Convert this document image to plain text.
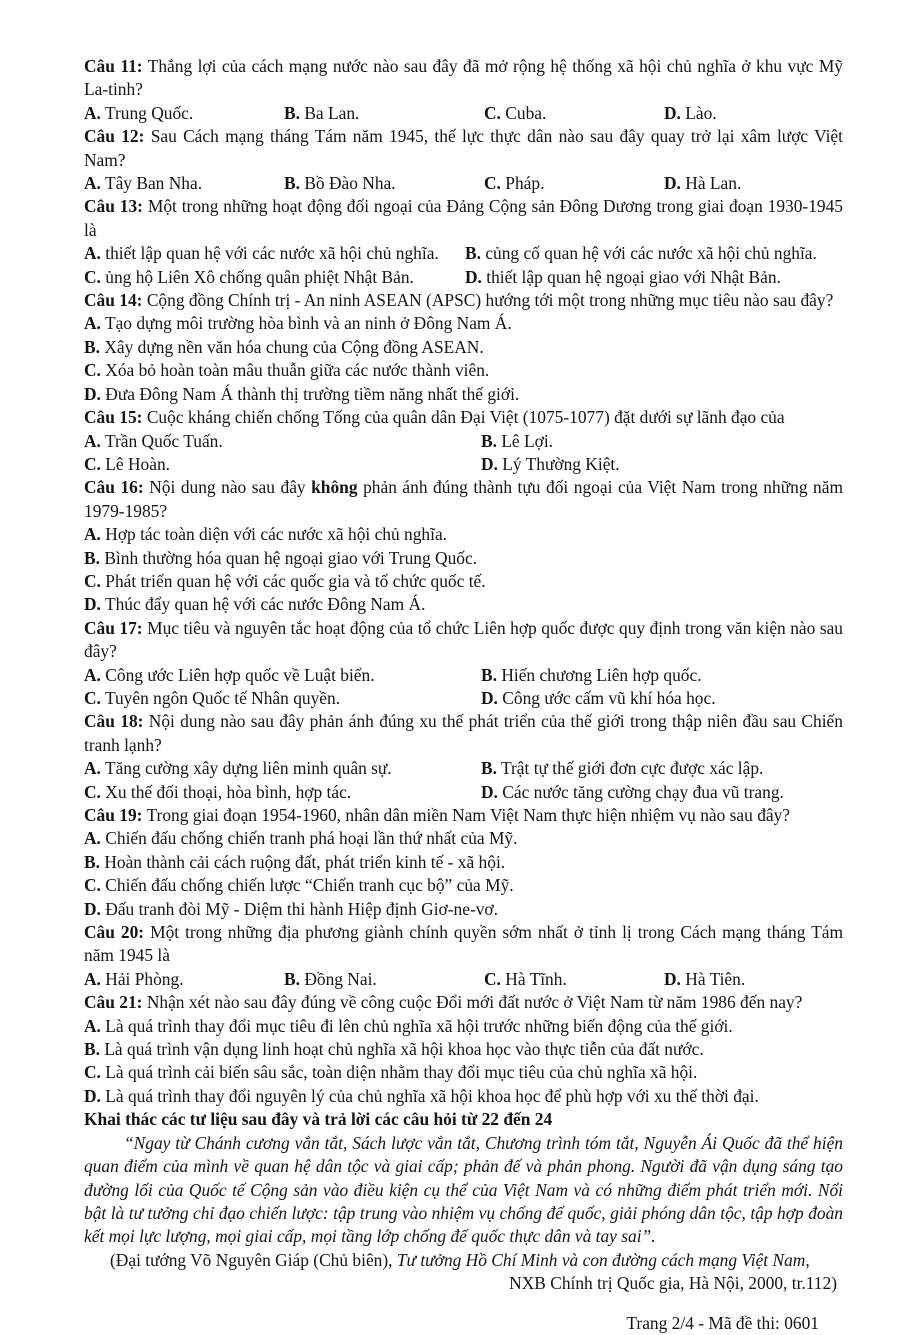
Câu 11: Thắng lợi của cách mạng nước nào sau đây đã mở rộng hệ thống xã hội chủ nghĩa ở khu vực Mỹ La-tinh?

A. Trung Quốc.	B. Ba Lan.	C. Cuba.	D. Lào.

Câu 12: Sau Cách mạng tháng Tám năm 1945, thế lực thực dân nào sau đây quay trở lại xâm lược Việt Nam?

A. Tây Ban Nha.	B. Bồ Đào Nha.	C. Pháp.	D. Hà Lan.

Câu 13: Một trong những hoạt động đối ngoại của Đảng Cộng sản Đông Dương trong giai đoạn 1930-1945 là

A. thiết lập quan hệ với các nước xã hội chủ nghĩa. B. củng cố quan hệ với các nước xã hội chủ nghĩa.

C. ủng hộ Liên Xô chống quân phiệt Nhật Bản.	D. thiết lập quan hệ ngoại giao với Nhật Bản.

Câu 14: Cộng đồng Chính trị - An ninh ASEAN (APSC) hướng tới một trong những mục tiêu nào sau đây?

A. Tạo dựng môi trường hòa bình và an ninh ở Đông Nam Á.

B. Xây dựng nền văn hóa chung của Cộng đồng ASEAN.

C. Xóa bỏ hoàn toàn mâu thuẫn giữa các nước thành viên.

D. Đưa Đông Nam Á thành thị trường tiềm năng nhất thế giới.

Câu 15: Cuộc kháng chiến chống Tống của quân dân Đại Việt (1075-1077) đặt dưới sự lãnh đạo của

A. Trần Quốc Tuấn.	B. Lê Lợi.

C. Lê Hoàn.	D. Lý Thường Kiệt.

Câu 16: Nội dung nào sau đây không phản ánh đúng thành tựu đối ngoại của Việt Nam trong những năm 1979-1985?

A. Hợp tác toàn diện với các nước xã hội chủ nghĩa.

B. Bình thường hóa quan hệ ngoại giao với Trung Quốc.

C. Phát triển quan hệ với các quốc gia và tổ chức quốc tế.

D. Thúc đẩy quan hệ với các nước Đông Nam Á.

Câu 17: Mục tiêu và nguyên tắc hoạt động của tổ chức Liên hợp quốc được quy định trong văn kiện nào sau đây?

A. Công ước Liên hợp quốc về Luật biển.	B. Hiến chương Liên hợp quốc.

C. Tuyên ngôn Quốc tế Nhân quyền.	D. Công ước cấm vũ khí hóa học.

Câu 18: Nội dung nào sau đây phản ánh đúng xu thế phát triển của thế giới trong thập niên đầu sau Chiến tranh lạnh?

A. Tăng cường xây dựng liên minh quân sự.	B. Trật tự thế giới đơn cực được xác lập.

C. Xu thế đối thoại, hòa bình, hợp tác.	D. Các nước tăng cường chạy đua vũ trang.

Câu 19: Trong giai đoạn 1954-1960, nhân dân miền Nam Việt Nam thực hiện nhiệm vụ nào sau đây?

A. Chiến đấu chống chiến tranh phá hoại lần thứ nhất của Mỹ.

B. Hoàn thành cải cách ruộng đất, phát triển kinh tế - xã hội.

C. Chiến đấu chống chiến lược “Chiến tranh cục bộ” của Mỹ.

D. Đấu tranh đòi Mỹ - Diệm thi hành Hiệp định Giơ-ne-vơ.

Câu 20: Một trong những địa phương giành chính quyền sớm nhất ở tỉnh lị trong Cách mạng tháng Tám năm 1945 là

A. Hải Phòng.	B. Đồng Nai.	C. Hà Tĩnh.	D. Hà Tiên.

Câu 21: Nhận xét nào sau đây đúng về công cuộc Đổi mới đất nước ở Việt Nam từ năm 1986 đến nay?

A. Là quá trình thay đổi mục tiêu đi lên chủ nghĩa xã hội trước những biến động của thế giới.

B. Là quá trình vận dụng linh hoạt chủ nghĩa xã hội khoa học vào thực tiễn của đất nước.

C. Là quá trình cải biến sâu sắc, toàn diện nhằm thay đổi mục tiêu của chủ nghĩa xã hội.

D. Là quá trình thay đổi nguyên lý của chủ nghĩa xã hội khoa học để phù hợp với xu thế thời đại.

Khai thác các tư liệu sau đây và trả lời các câu hỏi từ 22 đến 24

“Ngay từ Chánh cương vắn tắt, Sách lược vắn tắt, Chương trình tóm tắt, Nguyễn Ái Quốc đã thể hiện quan điểm của mình về quan hệ dân tộc và giai cấp; phản đế và phản phong. Người đã vận dụng sáng tạo đường lối của Quốc tế Cộng sản vào điều kiện cụ thể của Việt Nam và có những điểm phát triển mới. Nổi bật là tư tưởng chỉ đạo chiến lược: tập trung vào nhiệm vụ chống đế quốc, giải phóng dân tộc, tập hợp đoàn kết mọi lực lượng, mọi giai cấp, mọi tầng lớp chống đế quốc thực dân và tay sai”.

(Đại tướng Võ Nguyên Giáp (Chủ biên), Tư tưởng Hồ Chí Minh và con đường cách mạng Việt Nam,

NXB Chính trị Quốc gia, Hà Nội, 2000, tr.112)

Trang 2/4 - Mã đề thi: 0601
